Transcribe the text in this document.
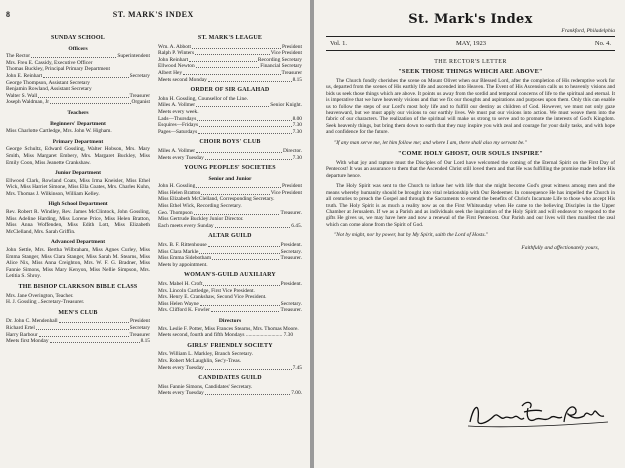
8	ST. MARK'S INDEX
SUNDAY SCHOOL
Officers
The Rector	Superintendent
Mrs. Freu E. Cassidy, Executive Officer
Thomas Buckley, Principal Primary Department
John E. Reinhart	Secretary
George Thompson, Assistant Secretary
Benjamin Rowland, Assistant Secretary
Walter S. Wall	Treasurer
Joseph Waldman, Jr	Organist
Teachers
Beginners' Department
Miss Charlotte Cartledge, Mrs. John W. Higham.
Primary Department
George Schultz, Edward Gossling, Walter Hobson, Mrs. Mary Smith, Miss Margaret Embery, Mrs. Margaret Buckley, Miss Emily Coon, Miss Jeanette Crankshaw.
Junior Department
Ellwood Clark, Rowland Coats, Miss Irma Kneisler, Miss Ethel Wick, Miss Harriet Simone, Miss Ella Coates, Mrs. Charles Kuhn, Mrs. Thomas J. Wilkinson, William Kelley.
High School Department
Rev. Robert R. Windley, Rev. James McClintock, John Gossling, Miss Adeline Harding, Miss Lorene Price, Miss Helen Bratton, Miss Anna Woffenden, Miss Edith Lott, Miss Elizabeth McClelland, Mrs. Sarah Griffin.
Advanced Department
John Settle, Mrs. Bertha Wilbraham, Miss Agnes Curley, Miss Emma Stanger, Miss Clara Stanger, Miss Sarah M. Stearns, Miss Alice Nix, Miss Anna Creighton, Mrs. W. F. G. Bradner, Miss Fannie Simons, Miss Mary Kenyon, Miss Nellie Simpson, Mrs. Letitia S. Shroy.
THE BISHOP CLARKSON BIBLE CLASS
Mrs. Jane Overington, Teacher.
H. J. Gossling ..Secretary-Treasurer.
MEN'S CLUB
Dr. John C. Mendenhall	President
Richard Ertel	Secretary
Harry Barbour	Treasurer
Meets first Monday	8.15
ST. MARK'S LEAGUE
Wm. A. Abbott	President
Ralph P. Winters	Vice President
John Reinhart	Recording Secretary
Ellwood Newton	Financial Secretary
Albert Hey	Treasurer
Meets second Monday	8.15
ORDER OF SIR GALAHAD
John H. Gossling, Counsellor of the Line.
Miles A. Vollmer	Senior Knight.
Meets every week.
Lads—Thursdays	8.00
Esquires—Fridays	7.30
Pages—Saturdays	7.30
CHOIR BOYS' CLUB
Miles A. Vollmer	Director.
Meets every Tuesday	7.30
YOUNG PEOPLES' SOCIETIES
Senior and Junior
John H. Gossling	President
Miss Helen Bratton	Vice President
Miss Elizabeth McClelland, Corresponding Secretary.
Miss Ethel Wick, Recording Secretary.
Geo. Thompson	Treasurer.
Miss Gertrude Buckley Junior Director.
Each meets every Sunday	6.45.
ALTAR GUILD
Mrs. B. F. Rittenhouse	President.
Miss Clara Markle	Secretary.
Miss Emma Sidebotham	Treasurer.
Meets by appointment.
WOMAN'S-GUILD AUXILIARY
Mrs. Mabel H. Croft	President.
Mrs. Lincoln Cartledge, First Vice President.
Mrs. Henry E. Crankshaw, Second Vice President.
Miss Helen Wayne	Secretary.
Mrs. Clifford K. Fowler	Treasurer.
Directors
Mrs. Leslie F. Potter, Miss Frances Stearns, Mrs. Thomas Moore.
Meets second, fourth and fifth Mondays ........................... 7.30
GIRLS' FRIENDLY SOCIETY
Mrs. William L. Markley, Branch Secretary.
Mrs. Robert McLaughlin, Sec'y-Treas.
Meets every Tuesday	7.45
CANDIDATES GUILD
Miss Fannie Simons, Candidates' Secretary.
Meets every Tuesday	7.00.
St. Mark's Index
Frankford, Philadelphia
Vol. 1.	MAY, 1923	No. 4.
THE RECTOR'S LETTER
"SEEK THOSE THINGS WHICH ARE ABOVE"

The Church fondly cherishes the scene on Mount Olivet when our Blessed Lord, after the completion of His redemptive work for us, departed from the scenes of His earthly life and ascended into Heaven. The Event of His Ascension calls us to heavenly visions and bids us seek those things which are above. It points us away from the sordid and temporal concerns of life to the spiritual and eternal. It is imperative that we have heavenly visions and that we fix our thoughts and aspirations and purposes upon them. Only this can enable us to follow the steps of our Lord's most holy life and to fulfill our destiny as children of God. However, we must not only gaze heavenward, but we must apply our visions to our earthly lives. We must put our visions into action. We must weave them into the fabric of our characters. The realization of the spiritual will make us strong to serve and to promote the interests of God's Kingdom. Seek heavenly things, but bring them down to earth that they may inspire you with zeal and courage for your daily tasks, and with hope and confidence for the future.

"If any man serve me, let him follow me; and where I am, there shall also my servant be."

"COME HOLY GHOST, OUR SOULS INSPIRE"

With what joy and rapture must the Disciples of Our Lord have welcomed the coming of the Eternal Spirit on the First Day of Pentecost! It was an assurance to them that the Ascended Christ still loved them and that He was fulfilling the promise made before His departure hence.

The Holy Spirit was sent to the Church to infuse her with life that she might become God's great witness among men and the means whereby humanity should be brought into vital relationship with Our Redeemer. In consequence He has impelled the Church in all centuries to preach the Gospel and through the Sacraments to extend the benefits of Christ's Incarnate Life to those who accept His truth. The Holy Spirit is as much a reality now as on the First Whitsunday when He came to the believing Disciples in the Upper Chamber at Jerusalem. If we as a Parish and as individuals seek the inspiration of the Holy Spirit and will endeavor to respond to the gifts He gives us, we may have here and now a renewal of the First Pentecost. Our Parish and our lives will then manifest the zeal which can come alone from the Spirit of God.

"Not by might, nor by power, but by My Spirit, saith the Lord of Hosts."

Faithfully and affectionately yours,
